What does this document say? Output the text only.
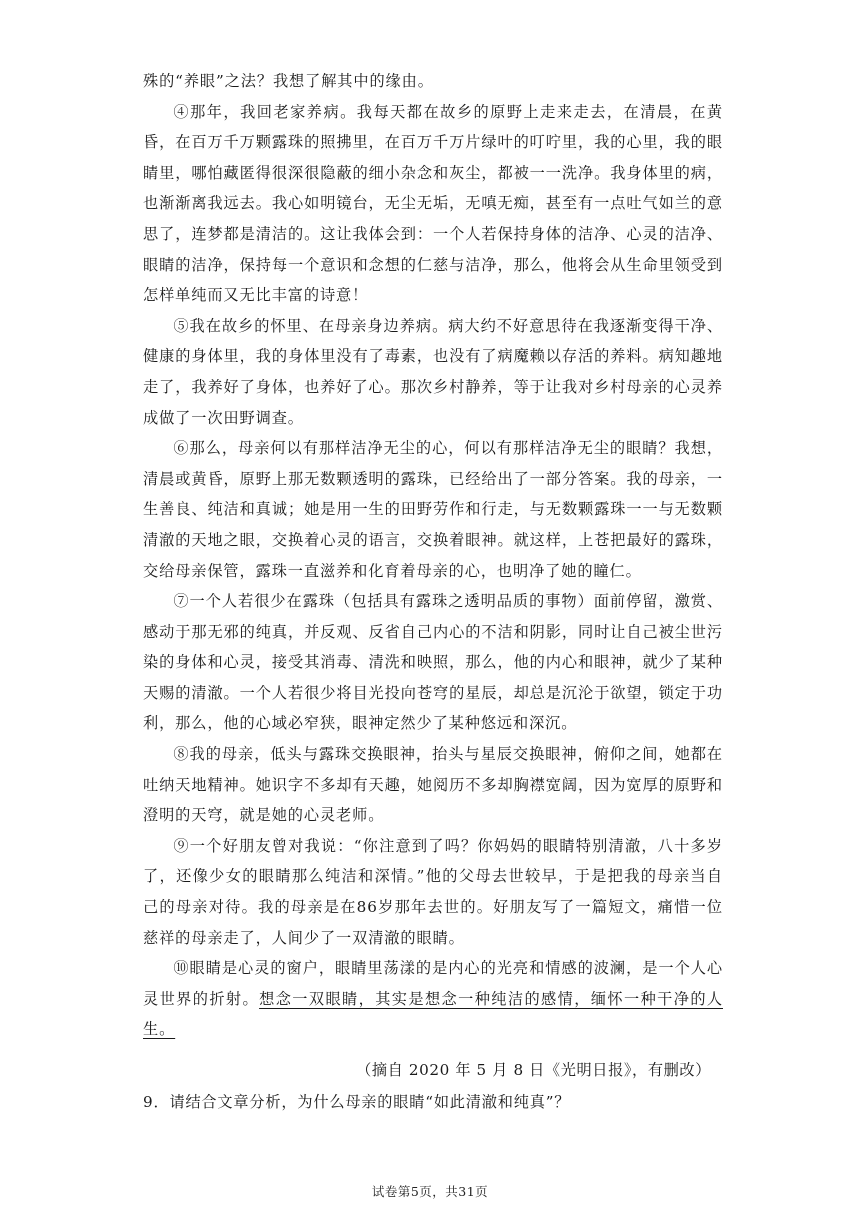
殊的“养眼”之法？我想了解其中的缘由。

④那年，我回老家养病。我每天都在故乡的原野上走来走去，在清晨，在黄昏，在百万千万颗露珠的照拂里，在百万千万片绿叶的叮咛里，我的心里，我的眼睛里，哪怕藏匿得很深很隐蔽的细小杂念和灰尘，都被一一洗净。我身体里的病，也渐渐离我远去。我心如明镜台，无尘无垢，无嗔无痴，甚至有一点吐气如兰的意思了，连梦都是清洁的。这让我体会到：一个人若保持身体的洁净、心灵的洁净、眼睛的洁净，保持每一个意识和念想的仁慈与洁净，那么，他将会从生命里领受到怎样单纯而又无比丰富的诗意！

⑤我在故乡的怀里、在母亲身边养病。病大约不好意思待在我逐渐变得干净、健康的身体里，我的身体里没有了毒素，也没有了病魔赖以存活的养料。病知趣地走了，我养好了身体，也养好了心。那次乡村静养，等于让我对乡村母亲的心灵养成做了一次田野调查。

⑥那么，母亲何以有那样洁净无尘的心，何以有那样洁净无尘的眼睛？我想，清晨或黄昏，原野上那无数颗透明的露珠，已经给出了一部分答案。我的母亲，一生善良、纯洁和真诚；她是用一生的田野劳作和行走，与无数颗露珠一一与无数颗清澈的天地之眼，交换着心灵的语言，交换着眼神。就这样，上苍把最好的露珠，交给母亲保管，露珠一直滋养和化育着母亲的心，也明净了她的瞳仁。

⑦一个人若很少在露珠（包括具有露珠之透明品质的事物）面前停留，激赏、感动于那无邪的纯真，并反观、反省自己内心的不洁和阴影，同时让自己被尘世污染的身体和心灵，接受其消毒、清洗和映照，那么，他的内心和眼神，就少了某种天赐的清澈。一个人若很少将目光投向苍穹的星辰，却总是沉沦于欲望，锁定于功利，那么，他的心域必窄狭，眼神定然少了某种悠远和深沉。

⑧我的母亲，低头与露珠交换眼神，抬头与星辰交换眼神，俯仰之间，她都在吐纳天地精神。她识字不多却有天趣，她阅历不多却胸襟宽阔，因为宽厚的原野和澄明的天穹，就是她的心灵老师。

⑨一个好朋友曾对我说：“你注意到了吗？你妈妈的眼睛特别清澈，八十多岁了，还像少女的眼睛那么纯洁和深情。”他的父母去世较早，于是把我的母亲当自己的母亲对待。我的母亲是在86岁那年去世的。好朋友写了一篇短文，痛惜一位慈祥的母亲走了，人间少了一双清澈的眼睛。

⑩眼睛是心灵的窗户，眼睛里荡漾的是内心的光亮和情感的波澜，是一个人心灵世界的折射。想念一双眼睛，其实是想念一种纯洁的感情，缅怀一种干净的人生。

（摘自 2020 年 5 月 8 日《光明日报》，有删改）

9．请结合文章分析，为什么母亲的眼睛“如此清澈和纯真”？

试卷第5页，共31页
